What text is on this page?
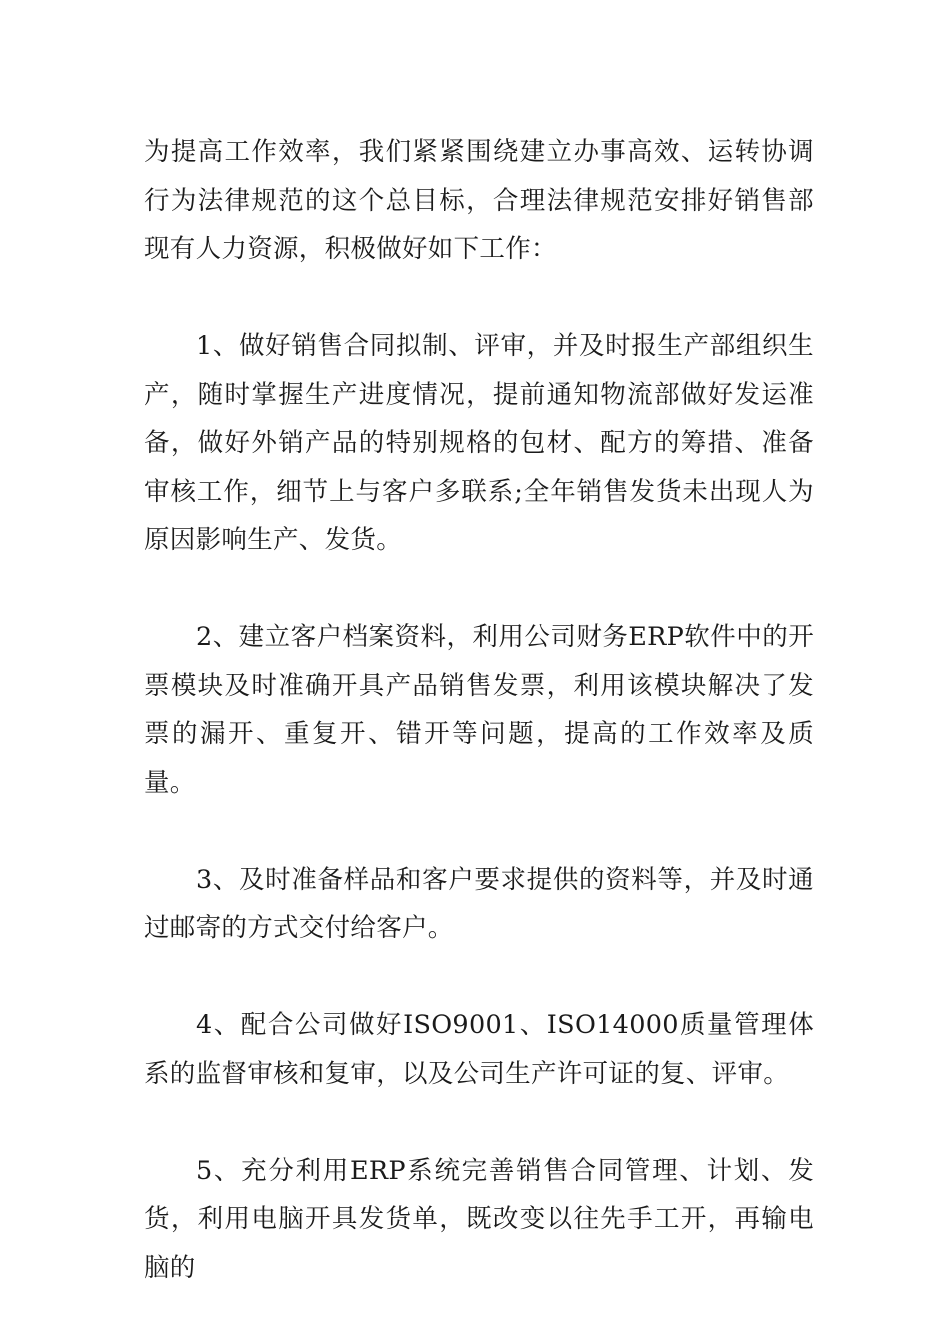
为提高工作效率，我们紧紧围绕建立办事高效、运转协调行为法律规范的这个总目标，合理法律规范安排好销售部现有人力资源，积极做好如下工作：

1、做好销售合同拟制、评审，并及时报生产部组织生产，随时掌握生产进度情况，提前通知物流部做好发运准备，做好外销产品的特别规格的包材、配方的筹措、准备审核工作，细节上与客户多联系;全年销售发货未出现人为原因影响生产、发货。

2、建立客户档案资料，利用公司财务ERP软件中的开票模块及时准确开具产品销售发票，利用该模块解决了发票的漏开、重复开、错开等问题，提高的工作效率及质量。

3、及时准备样品和客户要求提供的资料等，并及时通过邮寄的方式交付给客户。

4、配合公司做好ISO9001、ISO14000质量管理体系的监督审核和复审，以及公司生产许可证的复、评审。

5、充分利用ERP系统完善销售合同管理、计划、发货，利用电脑开具发货单，既改变以往先手工开，再输电脑的
